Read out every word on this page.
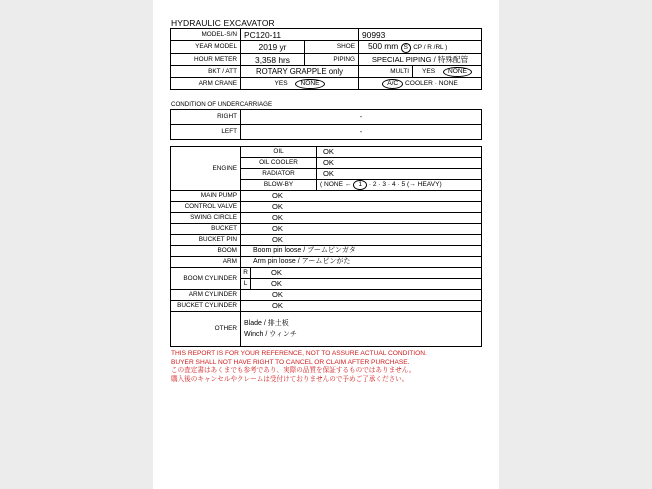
HYDRAULIC EXCAVATOR
MODEL-S/N	PC120-11		90993	
YEAR MODEL	2019 yr	SHOE	500 mm S CP / R /RL )	
HOUR METER	3,358 hrs	PIPING	SPECIAL PIPING / 特殊配管	
BKT / ATT	ROTARY GRAPPLE only		MULTI	YES NONE
ARM CRANE	YES NONE		A/C COOLER · NONE	
CONDITION OF UNDERCARRIAGE
RIGHT	-
LEFT	-
ENGINE	OIL		OK
	OIL COOLER		OK
	RADIATOR		OK
	BLOW-BY		( NONE ← 1 · 2 · 3 · 4 · 5 (→ HEAVY)
MAIN PUMP	OK		
CONTROL VALVE	OK		
SWING CIRCLE	OK		
BUCKET	OK		
BUCKET PIN	OK		
BOOM	Boom pin loose / ブームピンガタ		
ARM	Arm pin loose / アームピンがた		
BOOM CYLINDER	R	OK	
	L	OK	
ARM CYLINDER	OK		
BUCKET CYLINDER	OK		
OTHER	Blade / 排土板
Winch / ウィンチ		
THIS REPORT IS FOR YOUR REFERENCE, NOT TO ASSURE ACTUAL CONDITION.
BUYER SHALL NOT HAVE RIGHT TO CANCEL OR CLAIM AFTER PURCHASE.
この査定書はあくまでも参考であり、実際の品質を保証するものではありません。
購入後のキャンセルやクレームは受付けておりませんので予めご了承ください。
